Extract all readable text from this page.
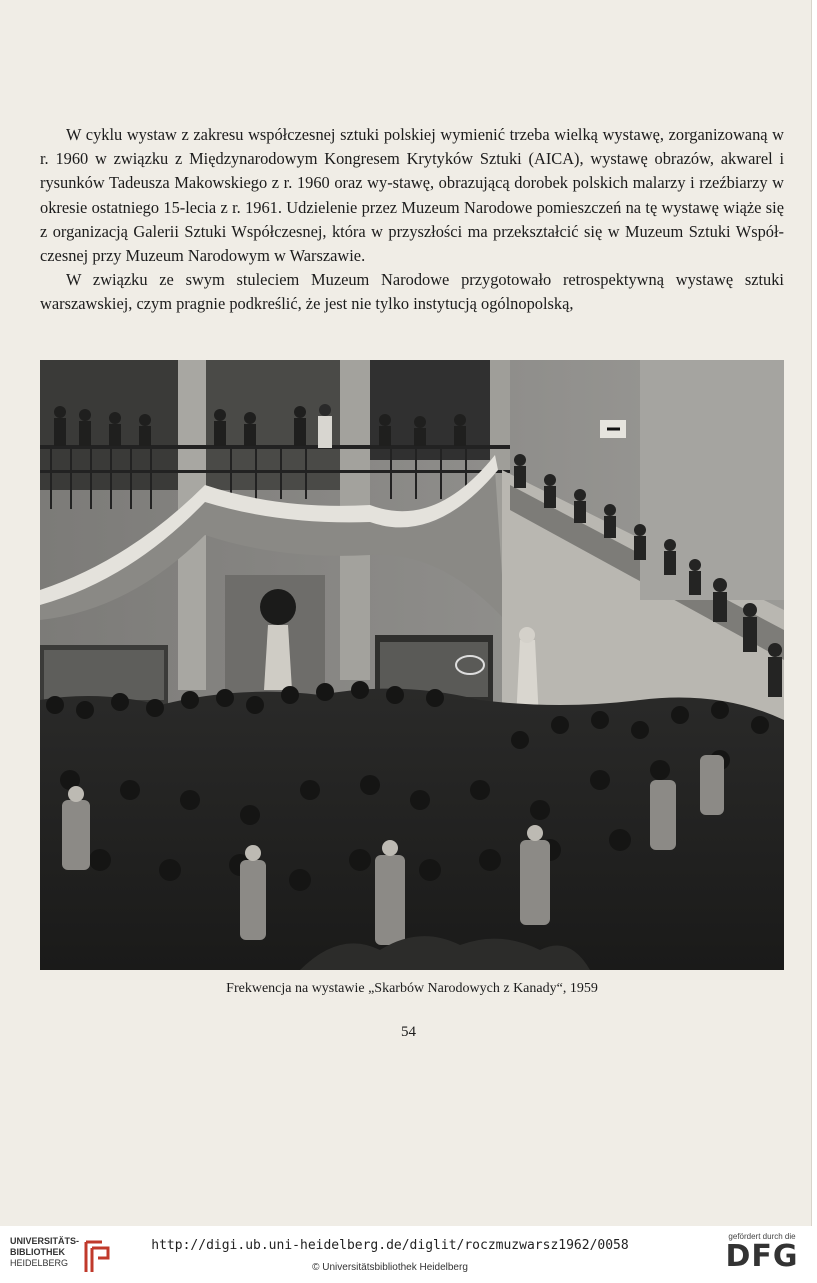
W cyklu wystaw z zakresu współczesnej sztuki polskiej wymienić trzeba wielką wystawę, zorganizowaną w r. 1960 w związku z Międzynarodowym Kongresem Krytyków Sztuki (AICA), wystawę obrazów, akwarel i rysunków Tadeusza Makowskiego z r. 1960 oraz wy-stawę, obrazującą dorobek polskich malarzy i rzeźbiarzy w okresie ostatniego 15-lecia z r. 1961. Udzielenie przez Muzeum Narodowe pomieszczeń na tę wystawę wiąże się z organizacją Galerii Sztuki Współczesnej, która w przyszłości ma przekształcić się w Muzeum Sztuki Współ-czesnej przy Muzeum Narodowym w Warszawie.

W związku ze swym stuleciem Muzeum Narodowe przygotowało retrospektywną wystawę sztuki warszawskiej, czym pragnie podkreślić, że jest nie tylko instytucją ogólnopolską,

Frekwencja na wystawie „Skarbów Narodowych z Kanady“, 1959
54
UNIVERSITÄTS-
BIBLIOTHEK
HEIDELBERG
http://digi.ub.uni-heidelberg.de/diglit/roczmuzwarsz1962/0058
© Universitätsbibliothek Heidelberg
gefördert durch die
DFG
